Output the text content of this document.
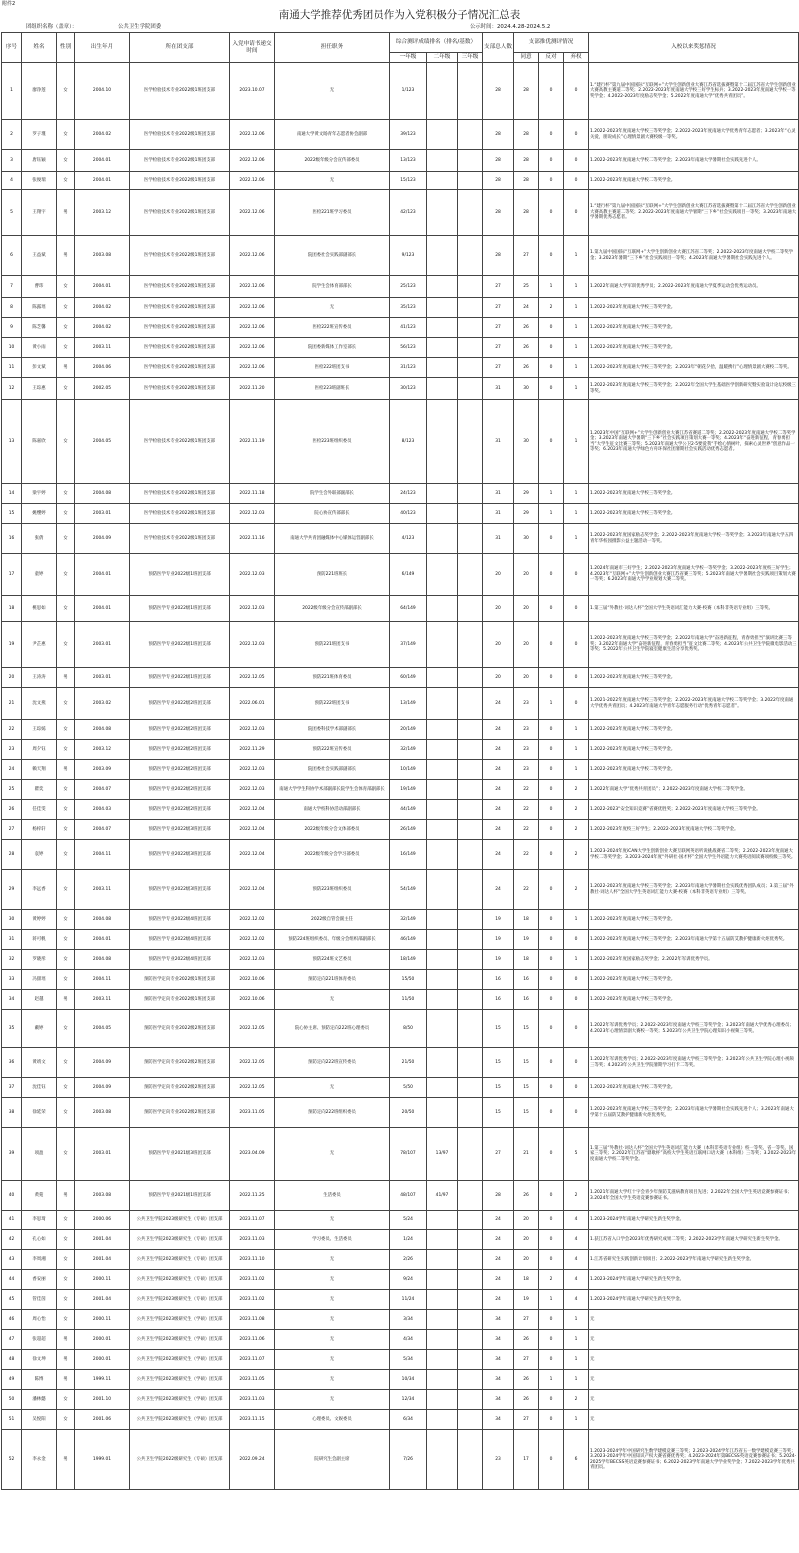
附件2
南通大学推荐优秀团员作为入党积极分子情况汇总表
团组织名称（盖章）：	公共卫生学院团委	公示时间：2024.4.28-2024.5.2
序号	姓名	性别	出生年月	所在团支部	入党申请书递交时间	担任职务	综合测评成绩排名（排名/基数）			支部总人数	支部推优测评情况			入校以来奖惩情况
							一年级	二年级	三年级		同意	反对	弃权	
1	廖净莲	女	2004.10	医学检验技术专业2022级1班团支部	2023.10.07	无	1/123			28	28	0	0	1.“建行杯”第九届中国国际“互联网+”大学生创新创业大赛江苏省选拔赛暨第十二届江苏省大学生创新创业大赛高教主赛道二等奖；2.2022-2023年度南通大学校三好学生标兵；3.2022-2023年度南通大学校一等奖学金；4.2022-2023年度励志奖学金；5.2022年度南通大学“优秀共青团员”。
2	罗子瑾	女	2004.02	医学检验技术专业2022级1班团支部	2022.12.06	南通大学黄文旸青年志愿者协会副部	39/123			28	28	0	0	1.2022-2023年度南通大学校三等奖学金；2.2022-2023年度南通大学优秀青年志愿者；3.2023年“心灵关爱，朋说成长”心理情景剧大赛校级一等奖。
3	唐钰颖	女	2004.01	医学检验技术专业2022级1班团支部	2022.12.06	2022级年级分会宣传部委员	13/123			28	28	0	0	1.2022-2023年度南通大学校二等奖学金；2.2023年南通大学暑期社会实践先进个人。
4	张俊瑞	女	2004.01	医学检验技术专业2022级1班团支部	2022.12.06	无	15/123			28	28	0	0	1.2022-2023年度南通大学校二等奖学金。
5	王翔宇	男	2003.12	医学检验技术专业2022级1班团支部	2022.12.06	医检221班学习委员	42/123			28	28	0	0	1.“建行杯”第九届中国国际“互联网+”大学生创新创业大赛江苏省选拔赛暨第十二届江苏省大学生创新创业大赛高教主赛道二等奖；2.2022-2023年度南通大学暑期“三下乡”社会实践项目一等奖；3.2023年南通大学暑期优秀志愿者。
6	王益斌	男	2003.08	医学检验技术专业2022级1班团支部	2022.12.06	院团委社会实践部副部长	9/123			28	27	0	1	1.第九届中国国际“互联网+”大学生创新创业大赛江苏省二等奖；2.2022-2023年度南通大学校二等奖学金；3.2023年暑期“三下乡”社会实践项目一等奖；4.2023年南通大学暑期社会实践先进个人。
7	曹玮	女	2004.01	医学检验技术专业2022级1班团支部	2022.12.06	院学生会体育部部长	25/123			27	25	1	1	1.2022年南通大学军训优秀学员；2.2022-2023年度南通大学夏季运动会优秀运动员。
8	陈露瑶	女	2004.02	医学检验技术专业2022级1班团支部	2022.12.06	无	35/123			27	24	2	1	1.2022-2023年度南通大学校三等奖学金。
9	陈芝馨	女	2004.02	医学检验技术专业2022级1班团支部	2022.12.06	医检222班宣传委员	41/123			27	26	0	1	1.2022-2023年度南通大学校三等奖学金。
10	黄小雨	女	2003.11	医学检验技术专业2022级1班团支部	2022.12.06	院团委新媒体工作室部长	56/123			27	26	0	1	1.2022-2023年度南通大学校三等奖学金。
11	彭文斌	男	2004.06	医学检验技术专业2022级1班团支部	2022.12.06	医检222班团支书	31/123			27	26	0	1	1.2022-2023年度南通大学校三等奖学金；2.2023年“朝花夕拾，温暖携行”心理情景剧大赛校二等奖。
12	王琮惠	女	2002.05	医学检验技术专业2022级1班团支部	2022.11.20	医检223班副班长	30/123			31	30	0	1	1.2022-2023年度南通大学校三等奖学金；2.2022年全国大学生基础医学创新研究暨实验设计论坛校级三等奖。
13	陈嘉欣	女	2004.05	医学检验技术专业2022级1班团支部	2022.11.19	医检223班组织委员	8/123			31	30	0	1	1.2023年中国“互联网+”大学生创新创业大赛江苏省赛道二等奖；2.2022-2023年度南通大学校二等奖学金；3.2023年南通大学暑期“三下乡”社会实践项目策划大赛一等奖；4.2023年“奋进新征程，青春勇担当”大学生征文比赛三等奖；5.2023年南通大学公卫2·5要爱我“手绘心情树叶，探索心灵世界”创意作品一等奖；6.2023年南通大学绿色方舟环保社团暑期社会实践活动优秀志愿者。
14	梁宇婷	女	2004.08	医学检验技术专业2022级1班团支部	2022.11.18	院学生会外联部副部长	24/123			31	29	1	1	1.2022-2023年度南通大学校三等奖学金。
15	姚缨婷	女	2003.01	医学检验技术专业2022级1班团支部	2022.12.03	院心协宣传部部长	40/123			31	29	1	1	1.2022-2023年度南通大学校三等奖学金。
16	张倩	女	2004.09	医学检验技术专业2022级1班团支部	2022.11.16	南通大学共青团融媒体中心媒体运营副部长	4/123			31	30	0	1	1.2022-2023年度国家励志奖学金；2.2022-2023年度南通大学校一等奖学金；3.2023年南通大学五四青年华校园摄影公益主题活动一等奖。
17	童婷	女	2004.01	预防医学专业2022级1班团支部	2022.12.03	预防221班班长	6/149			20	20	0	0	1.2024年南通市三好学生；2.2022-2023年度南通大学校一等奖学金；3.2022-2023年度校三好学生；4.2023年“互联网+”大学生创新创业大赛江苏省赛三等奖；5.2023年南通大学暑期社会实践项目策划大赛一等奖；6.2023年南通大学学业规划大赛二等奖。
18	桃思如	女	2004.01	预防医学专业2022级1班团支部	2022.12.03	2022级年级分会宣传部副部长	64/149			20	20	0	0	1.第三届“外教社·词达人杯”全国大学生英语词汇能力大赛-校赛（本科非英语专业组）三等奖。
19	尹芷惠	女	2003.01	预防医学专业2022级1班团支部	2022.12.03	预防221班团支书	37/149			20	20	0	0	1.2022-2023年度南通大学校三等奖学金；2.2022年南通大学“奋进新征程，青春勇担当”演讲比赛三等奖；3.2022年南通大学“奋进新征程，青春勇担当”征文比赛二等奖；4.2023年公共卫生学院微电影活动三等奖；5.2022年公共卫生学院寝室健康生活分享优秀奖。
20	王涛涛	男	2003.01	预防医学专业2022级1班团支部	2022.12.05	预防221班体育委员	60/149			20	20	0	0	1.2022-2023年度南通大学校三等奖学金。
21	沈文燕	女	2003.02	预防医学专业2022级2班团支部	2022.06.01	预防222班团支书	13/149			24	23	1	0	1.2021-2022年度南通大学校三等奖学金；2.2022-2023年度南通大学校二等奖学金；3.2022年度南通大学优秀共青团员；4.2023年南通大学青年志愿服务行动“优秀青年志愿者”。
22	王琮嫣	女	2004.08	预防医学专业2022级2班团支部	2022.12.03	院团委科技学术部副部长	20/149			24	23	0	1	1.2022-2023年度南通大学校二等奖学金。
23	周夕钰	女	2003.12	预防医学专业2022级2班团支部	2022.11.29	预防222班宣传委员	32/149			24	23	0	1	1.2022-2023年度南通大学校三等奖学金。
24	赖天翔	男	2003.09	预防医学专业2022级2班团支部	2022.12.03	院团委社会实践部副部长	10/149			24	23	0	1	1.2022-2023年度南通大学校二等奖学金。
25	瞿奕	女	2004.07	预防医学专业2022级2班团支部	2022.12.03	南通大学学生科协学术部副部长院学生会体育部副部长	19/149			24	22	0	2	1.2022年南通大学“优秀共青团员”；2.2022-2023年度南通大学校二等奖学金。
26	任佳雯	女	2004.03	预防医学专业2022级2班团支部	2022.12.04	南通大学校科协活动部副部长	44/149			24	22	0	2	1.2022-2023“安全知识竞赛”省赛优胜奖；2.2022-2023年度南通大学校三等奖学金。
27	杨梓轩	女	2004.07	预防医学专业2022级3班团支部	2022.12.04	2022级年级分会文体部委员	26/149			24	22	0	2	1.2022-2023年度校三好学生；2.2022-2023年度南通大学校二等奖学金。
28	袁婷	女	2004.11	预防医学专业2022级3班团支部	2022.12.04	2022级年级分会学习部委员	16/149			24	22	0	2	1.2023-2024年度iCAN大学生创新创业大赛互联网英语听说挑战赛省二等奖；2.2022-2023年度南通大学校二等奖学金；3.2023-2024年度“外研社·国才杯”全国大学生外语能力大赛英语阅读赛项校级三等奖。
29	李远香	女	2003.11	预防医学专业2022级3班团支部	2022.12.04	预防223班组织委员	54/149			24	22	0	2	1.2022-2023年度南通大学校三等奖学金；2.2023年南通大学暑期社会实践优秀团队成员；3.第三届“外教社·词达人杯”全国大学生英语词汇能力大赛-校赛（本科非英语专业组）三等奖。
30	黄婷婷	女	2004.08	预防医学专业2022级4班团支部	2022.12.02	2022级自管会副主任	32/149			19	18	0	1	1.2022-2023年度南通大学校三等奖学金。
31	蒋可帆	女	2004.01	预防医学专业2022级4班团支部	2022.12.02	预防224班组织委员、年级分会组织部副部长	46/149			19	19	0	0	1.2022-2023年度南通大学校三等奖学金；2.2023年南通大学第十五届防艾教护健康新火炬优秀奖。
32	罗晓彤	女	2004.08	预防医学专业2022级4班团支部	2022.12.03	预防224班文艺委员	18/149			19	18	0	1	1.2022-2023年度国家励志奖学金；2.2022年军训优秀学员。
33	冯甜瑶	女	2004.11	预防医学定向专业2022级1班团支部	2022.10.06	预防定向221班体育委员	15/50			16	16	0	0	1.2022-2023年度南通大学校三等奖学金。
34	赵越	男	2003.11	预防医学定向专业2022级1班团支部	2022.10.06	无	11/50			16	16	0	0	1.2022-2023年度南通大学校三等奖学金。
35	戴婷	女	2004.05	预防医学定向专业2022级2班团支部	2022.12.05	院心协主席、预防定向222班心理委员	8/50			15	15	0	0	1.2022年军训优秀学员；2.2022-2023年度南通大学校三等奖学金；3.2023年南通大学优秀心理委员；4.2023年心理情景剧大赛校一等奖；5.2023年公共卫生学院心理知识小视频三等奖。
36	黄靖文	女	2004.09	预防医学定向专业2022级2班团支部	2022.12.05	预防定向222班宣传委员	21/50			15	15	0	0	1.2022年军训优秀学员；2.2022-2023年度南通大学校三等奖学金；3.2023年公共卫生学院心理小视频三等奖；4.2023年公共卫生学院暑期学习打卡二等奖。
37	沈佳钰	女	2004.09	预防医学定向专业2022级2班团支部	2022.12.05	无	5/50			15	15	0	0	1.2022-2023年度南通大学校二等奖学金。
38	徐延荣	女	2003.08	预防医学定向专业2022级2班团支部	2023.11.05	预防定向222班组织委员	20/50			15	15	0	0	1.2022-2023年度南通大学校三等奖学金；2.2023年南通大学暑期社会实践先进个人；3.2023年南通大学第十五届防艾教护健康新火炬优秀奖。
39	项盈	女	2003.01	预防医学专业2021级3班团支部	2023.04.09	无	78/107	13/97		27	21	0	5	1.第三届“外教社·词达人杯”全国大学生英语词汇能力大赛（本科非英语专业组）校一等奖、省一等奖、国家三等奖；2.2022年江苏省“鼎歌杯”高校大学生英语互联网口语大赛（本科组）三等奖；3.2022-2023年度南通大学校二等奖学金。
40	黄菀	男	2003.08	预防医学专业2021级1班团支部	2022.11.25	生活委员	48/107	41/97		28	26	0	2	1.2021年南通大学红十字会青少年预防艾滋病教育项目先进；2.2022年全国大学生英语竞赛参赛证书；3.2024年全国大学生英语竞赛参赛证书。
41	李思琦	女	2000.06	公共卫生学院2023级研究生（专硕）团支部	2023.11.07	无	5/24			24	20	0	4	1.2023-2024学年南通大学研究生新生奖学金。
42	孔心如	女	2001.04	公共卫生学院2023级研究生（专硕）团支部	2023.11.03	学习委员、生活委员	1/24			24	20	0	4	1.获江苏省入口学会2023年优秀研究成果二等奖；2.2022-2023学年南通大学研究生新生奖学金。
43	李周湘	女	2001.04	公共卫生学院2023级研究生（专硕）团支部	2023.11.10	无	2/26			24	20	0	4	1.江苏省研究生实践创新计划项目；2.2022-2023学年南通大学研究生新生奖学金。
44	香安丽	女	2000.11	公共卫生学院2023级研究生（专硕）团支部	2023.11.02	无	9/24			24	18	2	4	1.2023-2024学年南通大学研究生新生奖学金。
45	管佳茵	女	2001.04	公共卫生学院2023级研究生（专硕）团支部	2023.11.02	无	11/24			24	19	1	4	1.2023-2024学年南通大学研究生新生奖学金。
46	周心怡	女	2000.11	公共卫生学院2023级研究生（学硕）团支部	2023.11.08	无	3/34			34	27	0	1	无
47	张超超	男	2000.01	公共卫生学院2023级研究生（学硕）团支部	2023.11.06	无	4/34			34	26	0	1	无
48	徐文坤	男	2000.01	公共卫生学院2023级研究生（学硕）团支部	2023.11.07	无	5/34			34	27	0	1	无
49	陈博	男	1999.11	公共卫生学院2023级研究生（学硕）团支部	2023.11.05	无	10/34			34	26	1	1	无
50	潘林懿	女	2001.10	公共卫生学院2023级研究生（学硕）团支部	2023.11.03	无	12/34			34	26	0	2	无
51	吴悦阳	女	2001.06	公共卫生学院2023级研究生（学硕）团支部	2023.11.15	心理委员、文娱委员	6/34			34	27	0	1	无
52	李永金	男	1999.01	公共卫生学院2022级研究生（专硕）团支部	2022.09.24	院研究生会副主席	7/26			23	17	0	6	1.2023-2024学年中国研究生数学建模竞赛三等奖；2.2023-2024学年江苏省五一数学建模竞赛三等奖；3.2023-2024学年中国知识产权大赛省赛优秀奖；4.2023-2024年第BECSS英语竞赛参赛证书；5.2024-2025学年BECSS英语竞赛参赛证书；6.2022-2023学年南通大学学业奖学金；7.2022-2023学年优秀共青团员。
